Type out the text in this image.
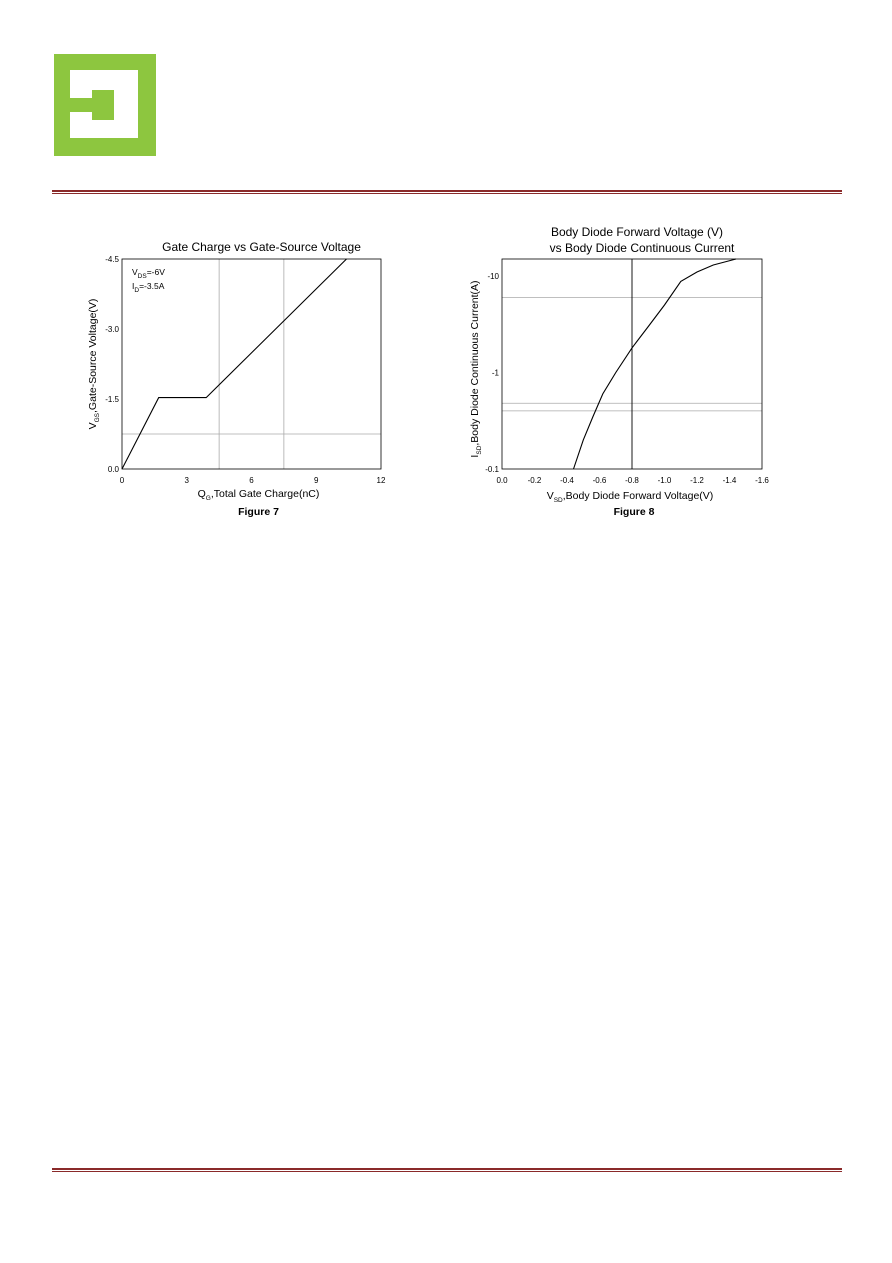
Gate Charge vs Gate-Source Voltage
0	3	6	9	12
0.0
-1.5
-3.0
-4.5
$V_{DS}=-6V$
$I_D=-3.5A$
$Q_G,Total$ Gate Charge(nC)
$V_{GS},Gate$-Source Voltage(V)
Figure 7
Body Diode Forward Voltage (V)
vs Body Diode Continuous Current
0.0	-0.2 -0.4 -0.6 -0.8 -1.0 -1.2 -1.4 -1.6
-0.1
-1
-10
$V_{SD},Body$ Diode Forward Voltage(V)
$I_{SD},Body$ Diode Continuous Current(A)
Figure 8
